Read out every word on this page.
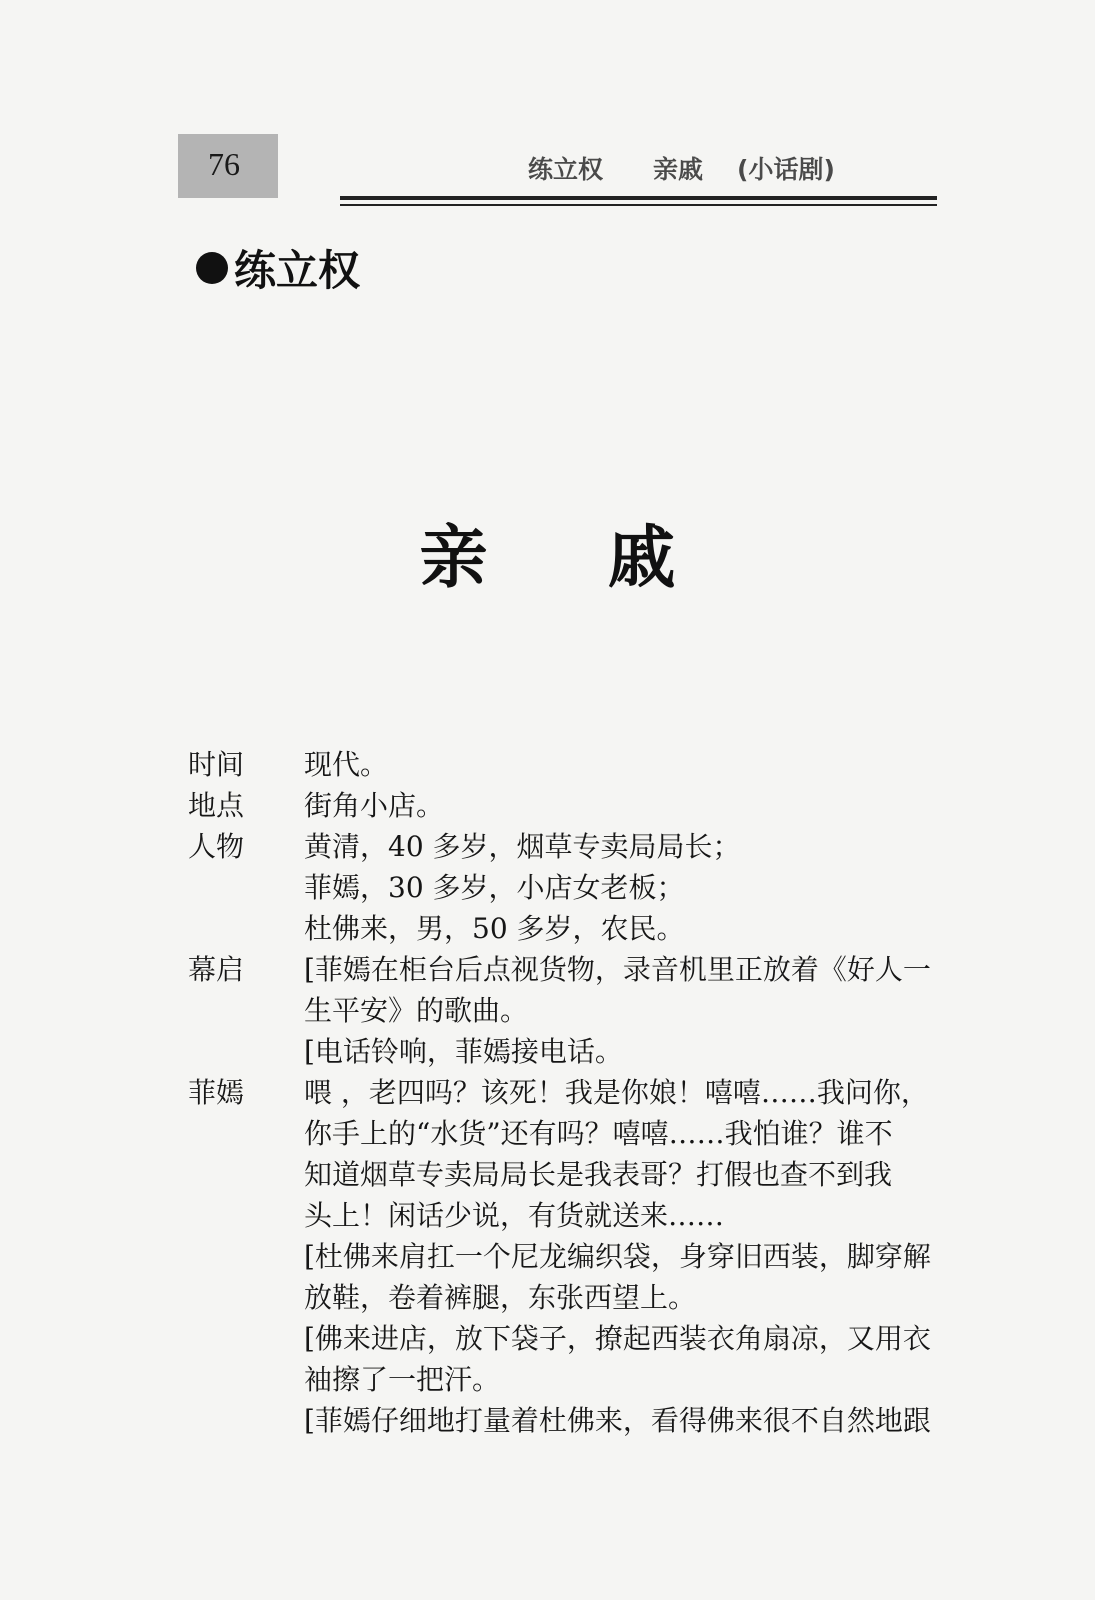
76	练立权 亲戚 (小话剧)
练立权
亲 戚
时间	现代。

地点	街角小店。

人物	黄清，40 多岁，烟草专卖局局长；

菲嫣，30 多岁，小店女老板；

杜佛来，男，50 多岁，农民。

幕启	[菲嫣在柜台后点视货物，录音机里正放着《好人一

生平安》的歌曲。

[电话铃响，菲嫣接电话。

菲嫣	喂 ，老四吗？该死！我是你娘！嘻嘻……我问你，

你手上的“水货”还有吗？嘻嘻……我怕谁？谁不

知道烟草专卖局局长是我表哥？打假也查不到我

头上！闲话少说，有货就送来……

[杜佛来肩扛一个尼龙编织袋，身穿旧西装，脚穿解

放鞋，卷着裤腿，东张西望上。

[佛来进店，放下袋子，撩起西装衣角扇凉，又用衣

袖擦了一把汗。

[菲嫣仔细地打量着杜佛来，看得佛来很不自然地跟
